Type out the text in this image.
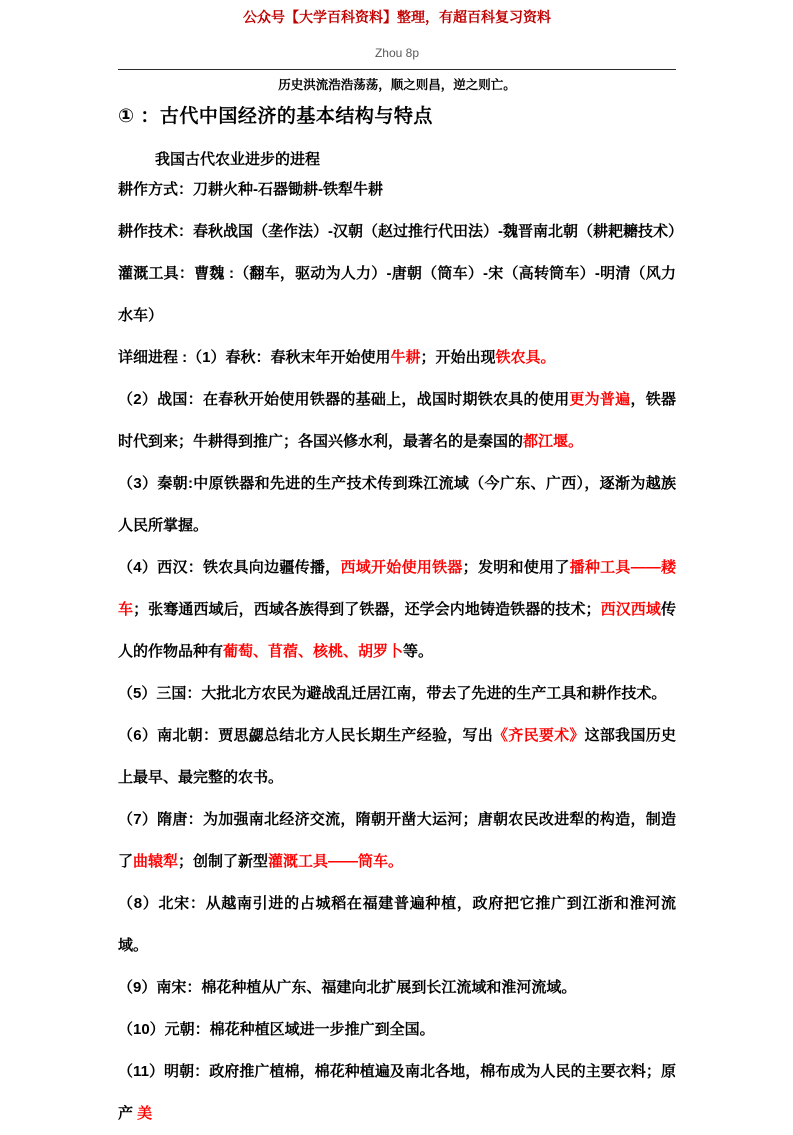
公众号【大学百科资料】整理，有超百科复习资料
Zhou 8p
历史洪流浩浩荡荡，顺之则昌，逆之则亡。
① ：古代中国经济的基本结构与特点
我国古代农业进步的进程

耕作方式：刀耕火种-石器锄耕-铁犁牛耕

耕作技术：春秋战国（垄作法）-汉朝（赵过推行代田法）-魏晋南北朝（耕耙耱技术）

灌溉工具：曹魏 :（翻车，驱动为人力）-唐朝（筒车）-宋（高转筒车）-明清（风力水车）

详细进程 :（1）春秋：春秋末年开始使用牛耕；开始出现铁农具。

（2）战国：在春秋开始使用铁器的基础上，战国时期铁农具的使用更为普遍，铁器时代到来；牛耕得到推广；各国兴修水利，最著名的是秦国的都江堰。

（3）秦朝:中原铁器和先进的生产技术传到珠江流域（今广东、广西），逐渐为越族人民所掌握。

（4）西汉：铁农具向边疆传播，西域开始使用铁器；发明和使用了播种工具——耧车；张骞通西域后，西域各族得到了铁器，还学会内地铸造铁器的技术；西汉西域传人的作物品种有葡萄、苜蓿、核桃、胡罗卜等。

（5）三国：大批北方农民为避战乱迁居江南，带去了先进的生产工具和耕作技术。

（6）南北朝：贾思勰总结北方人民长期生产经验，写出《齐民要术》这部我国历史上最早、最完整的农书。

（7）隋唐：为加强南北经济交流，隋朝开凿大运河；唐朝农民改进犁的构造，制造了曲辕犁；创制了新型灌溉工具——筒车。

（8）北宋：从越南引进的占城稻在福建普遍种植，政府把它推广到江浙和淮河流域。

（9）南宋：棉花种植从广东、福建向北扩展到长江流域和淮河流域。

（10）元朝：棉花种植区域进一步推广到全国。

（11）明朝：政府推广植棉，棉花种植遍及南北各地，棉布成为人民的主要衣料；原产 美
